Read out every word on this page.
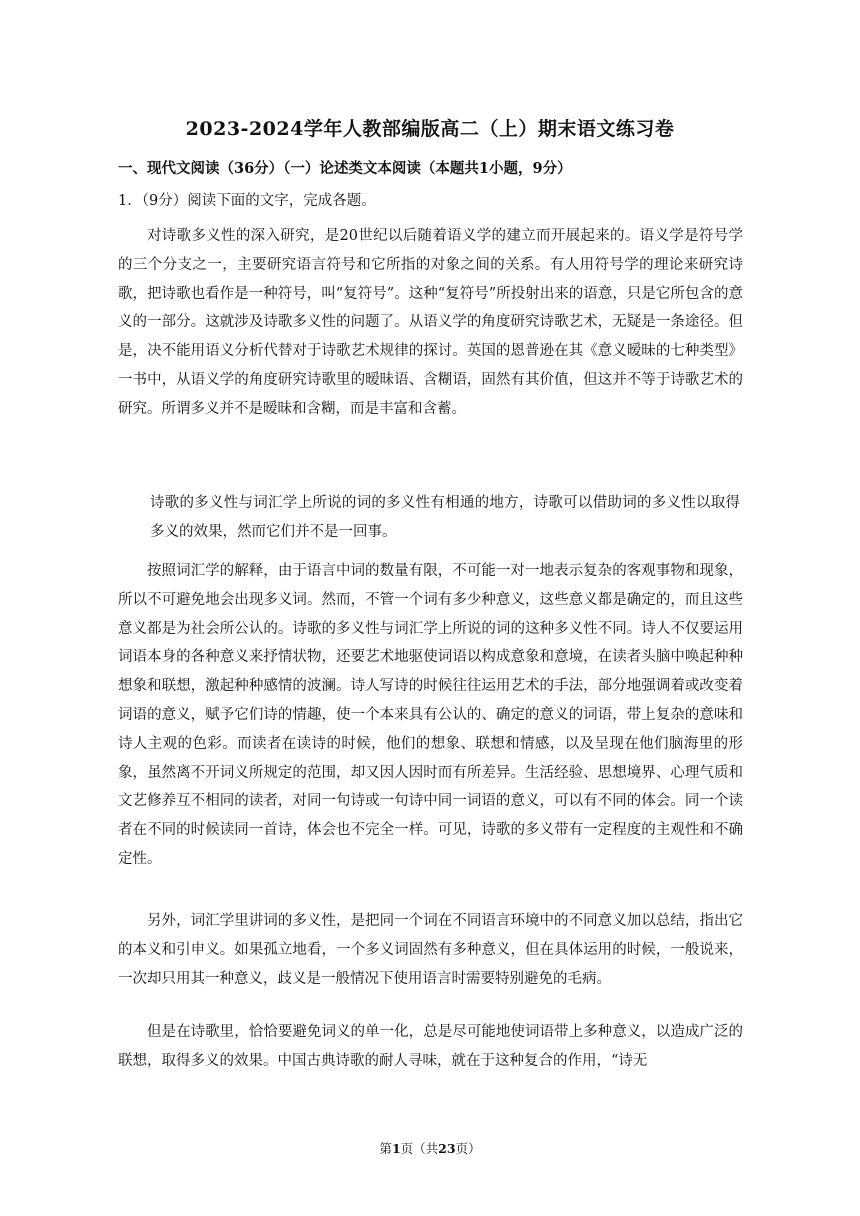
2023-2024学年人教部编版高二（上）期末语文练习卷
一、现代文阅读（36分）（一）论述类文本阅读（本题共1小题，9分）
1．（9分）阅读下面的文字，完成各题。

对诗歌多义性的深入研究，是20世纪以后随着语义学的建立而开展起来的。语义学是符号学的三个分支之一，主要研究语言符号和它所指的对象之间的关系。有人用符号学的理论来研究诗歌，把诗歌也看作是一种符号，叫“复符号”。这种“复符号”所投射出来的语意，只是它所包含的意义的一部分。这就涉及诗歌多义性的问题了。从语义学的角度研究诗歌艺术，无疑是一条途径。但是，决不能用语义分析代替对于诗歌艺术规律的探讨。英国的恩普逊在其《意义暧昧的七种类型》一书中，从语义学的角度研究诗歌里的暧昧语、含糊语，固然有其价值，但这并不等于诗歌艺术的研究。所谓多义并不是暧昧和含糊，而是丰富和含蓄。

诗歌的多义性与词汇学上所说的词的多义性有相通的地方，诗歌可以借助词的多义性以取得多义的效果，然而它们并不是一回事。

按照词汇学的解释，由于语言中词的数量有限，不可能一对一地表示复杂的客观事物和现象，所以不可避免地会出现多义词。然而，不管一个词有多少种意义，这些意义都是确定的，而且这些意义都是为社会所公认的。诗歌的多义性与词汇学上所说的词的这种多义性不同。诗人不仅要运用词语本身的各种意义来抒情状物，还要艺术地驱使词语以构成意象和意境，在读者头脑中唤起种种想象和联想，激起种种感情的波澜。诗人写诗的时候往往运用艺术的手法，部分地强调着或改变着词语的意义，赋予它们诗的情趣，使一个本来具有公认的、确定的意义的词语，带上复杂的意味和诗人主观的色彩。而读者在读诗的时候，他们的想象、联想和情感，以及呈现在他们脑海里的形象，虽然离不开词义所规定的范围，却又因人因时而有所差异。生活经验、思想境界、心理气质和文艺修养互不相同的读者，对同一句诗或一句诗中同一词语的意义，可以有不同的体会。同一个读者在不同的时候读同一首诗，体会也不完全一样。可见，诗歌的多义带有一定程度的主观性和不确定性。

另外，词汇学里讲词的多义性，是把同一个词在不同语言环境中的不同意义加以总结，指出它的本义和引申义。如果孤立地看，一个多义词固然有多种意义，但在具体运用的时候，一般说来，一次却只用其一种意义，歧义是一般情况下使用语言时需要特别避免的毛病。

但是在诗歌里，恰恰要避免词义的单一化，总是尽可能地使词语带上多种意义，以造成广泛的联想，取得多义的效果。中国古典诗歌的耐人寻味，就在于这种复合的作用，“诗无

第1页（共23页）
